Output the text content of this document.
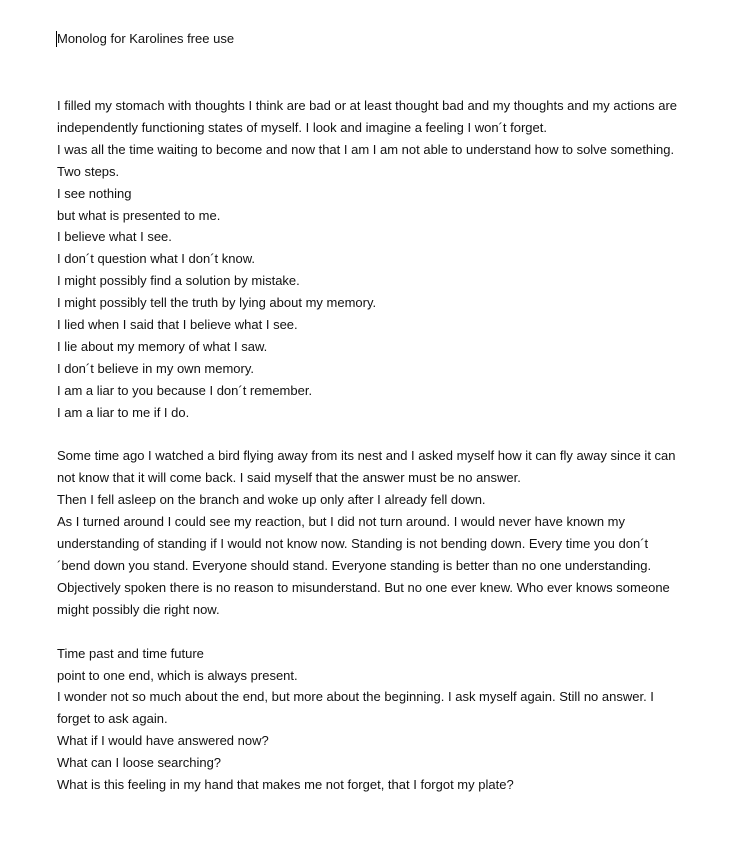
Monolog for Karolines free use
I filled my stomach with thoughts I think are bad or at least thought bad and my thoughts and my actions are
independently functioning states of myself. I look and imagine a feeling I won´t forget.
I was all the time waiting to become and now that I am I am not able to understand how to solve something.
Two steps.
I see nothing
but what is presented to me.
I believe what I see.
I don´t question what I don´t know.
I might possibly find a solution by mistake.
I might possibly tell the truth by lying about my memory.
I lied when I said that I believe what I see.
I lie about my memory of what I saw.
I don´t believe in my own memory.
I am a liar to you because I don´t remember.
I am a liar to me if I do.
Some time ago I watched a bird flying away from its nest and I asked myself how it can fly away since it can
not know that it will come back. I said myself that the answer must be no answer.
Then I fell asleep on the branch and woke up only after I already fell down.
As I turned around I could see my reaction, but I did not turn around. I would never have known my
understanding of standing if I would not know now. Standing is not bending down. Every time you don´t
´bend down you stand. Everyone should stand. Everyone standing is better than no one understanding.
Objectively spoken there is no reason to misunderstand. But no one ever knew. Who ever knows someone
might possibly die right now.
Time past and time future
point to one end, which is always present.
I wonder not so much about the end, but more about the beginning. I ask myself again. Still no answer. I
forget to ask again.
What if I would have answered now?
What can I loose searching?
What is this feeling in my hand that makes me not forget, that I forgot my plate?
